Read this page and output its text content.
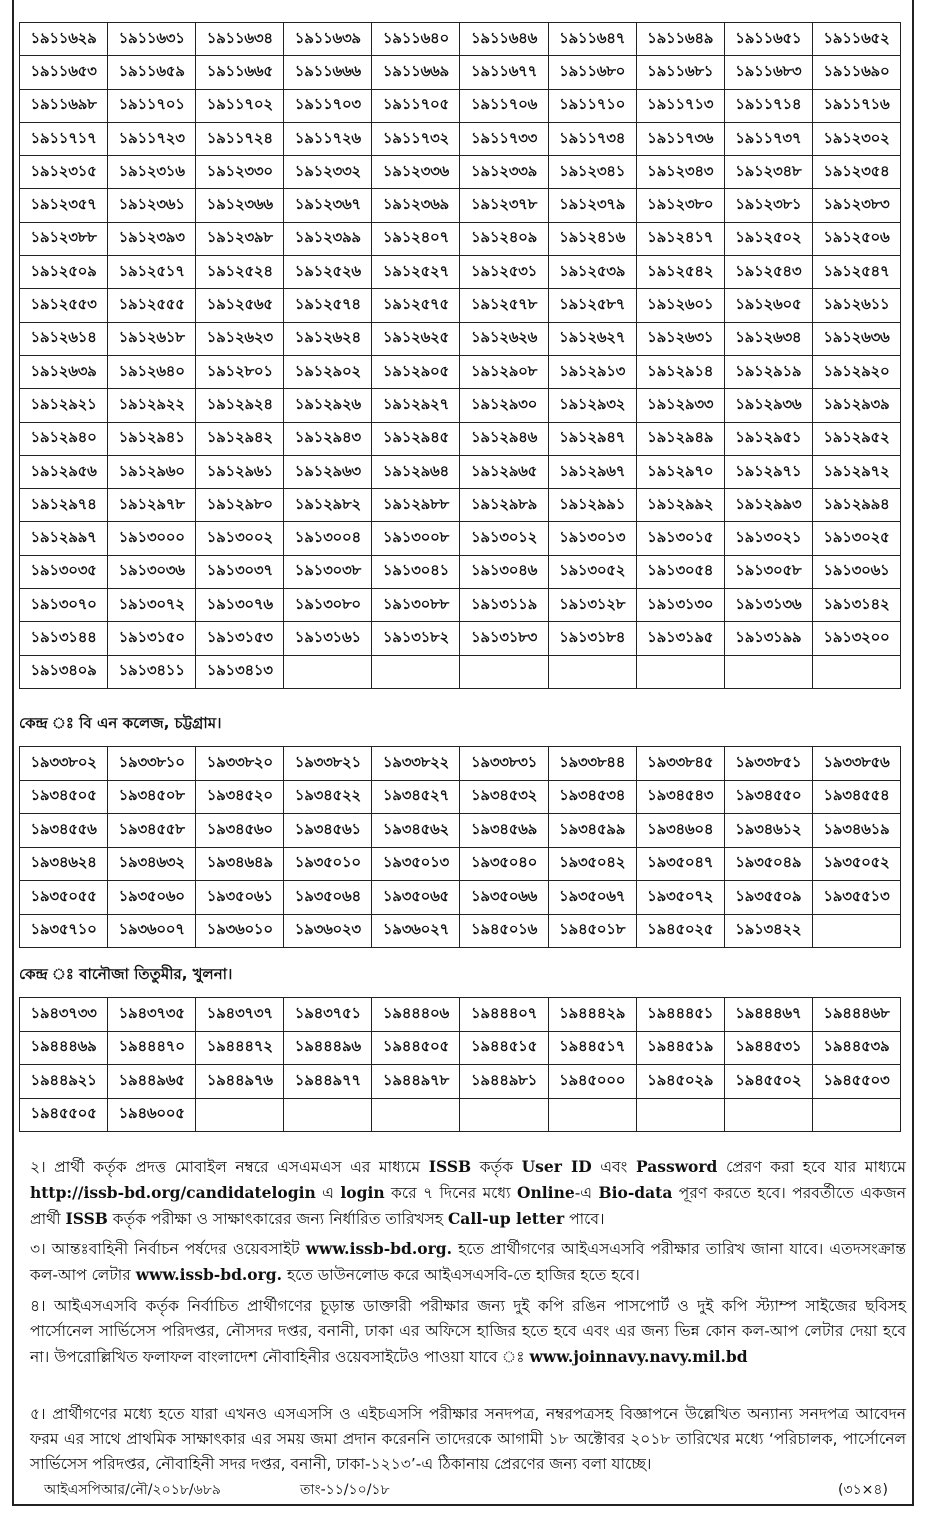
১৯১১৬২৯	১৯১১৬৩১	১৯১১৬৩৪	১৯১১৬৩৯	১৯১১৬৪০	১৯১১৬৪৬	১৯১১৬৪৭	১৯১১৬৪৯	১৯১১৬৫১	১৯১১৬৫২
১৯১১৬৫৩	১৯১১৬৫৯	১৯১১৬৬৫	১৯১১৬৬৬	১৯১১৬৬৯	১৯১১৬৭৭	১৯১১৬৮০	১৯১১৬৮১	১৯১১৬৮৩	১৯১১৬৯০
১৯১১৬৯৮	১৯১১৭০১	১৯১১৭০২	১৯১১৭০৩	১৯১১৭০৫	১৯১১৭০৬	১৯১১৭১০	১৯১১৭১৩	১৯১১৭১৪	১৯১১৭১৬
১৯১১৭১৭	১৯১১৭২৩	১৯১১৭২৪	১৯১১৭২৬	১৯১১৭৩২	১৯১১৭৩৩	১৯১১৭৩৪	১৯১১৭৩৬	১৯১১৭৩৭	১৯১২৩০২
১৯১২৩১৫	১৯১২৩১৬	১৯১২৩৩০	১৯১২৩৩২	১৯১২৩৩৬	১৯১২৩৩৯	১৯১২৩৪১	১৯১২৩৪৩	১৯১২৩৪৮	১৯১২৩৫৪
১৯১২৩৫৭	১৯১২৩৬১	১৯১২৩৬৬	১৯১২৩৬৭	১৯১২৩৬৯	১৯১২৩৭৮	১৯১২৩৭৯	১৯১২৩৮০	১৯১২৩৮১	১৯১২৩৮৩
১৯১২৩৮৮	১৯১২৩৯৩	১৯১২৩৯৮	১৯১২৩৯৯	১৯১২৪০৭	১৯১২৪০৯	১৯১২৪১৬	১৯১২৪১৭	১৯১২৫০২	১৯১২৫০৬
১৯১২৫০৯	১৯১২৫১৭	১৯১২৫২৪	১৯১২৫২৬	১৯১২৫২৭	১৯১২৫৩১	১৯১২৫৩৯	১৯১২৫৪২	১৯১২৫৪৩	১৯১২৫৪৭
১৯১২৫৫৩	১৯১২৫৫৫	১৯১২৫৬৫	১৯১২৫৭৪	১৯১২৫৭৫	১৯১২৫৭৮	১৯১২৫৮৭	১৯১২৬০১	১৯১২৬০৫	১৯১২৬১১
১৯১২৬১৪	১৯১২৬১৮	১৯১২৬২৩	১৯১২৬২৪	১৯১২৬২৫	১৯১২৬২৬	১৯১২৬২৭	১৯১২৬৩১	১৯১২৬৩৪	১৯১২৬৩৬
১৯১২৬৩৯	১৯১২৬৪০	১৯১২৮০১	১৯১২৯০২	১৯১২৯০৫	১৯১২৯০৮	১৯১২৯১৩	১৯১২৯১৪	১৯১২৯১৯	১৯১২৯২০
১৯১২৯২১	১৯১২৯২২	১৯১২৯২৪	১৯১২৯২৬	১৯১২৯২৭	১৯১২৯৩০	১৯১২৯৩২	১৯১২৯৩৩	১৯১২৯৩৬	১৯১২৯৩৯
১৯১২৯৪০	১৯১২৯৪১	১৯১২৯৪২	১৯১২৯৪৩	১৯১২৯৪৫	১৯১২৯৪৬	১৯১২৯৪৭	১৯১২৯৪৯	১৯১২৯৫১	১৯১২৯৫২
১৯১২৯৫৬	১৯১২৯৬০	১৯১২৯৬১	১৯১২৯৬৩	১৯১২৯৬৪	১৯১২৯৬৫	১৯১২৯৬৭	১৯১২৯৭০	১৯১২৯৭১	১৯১২৯৭২
১৯১২৯৭৪	১৯১২৯৭৮	১৯১২৯৮০	১৯১২৯৮২	১৯১২৯৮৮	১৯১২৯৮৯	১৯১২৯৯১	১৯১২৯৯২	১৯১২৯৯৩	১৯১২৯৯৪
১৯১২৯৯৭	১৯১৩০০০	১৯১৩০০২	১৯১৩০০৪	১৯১৩০০৮	১৯১৩০১২	১৯১৩০১৩	১৯১৩০১৫	১৯১৩০২১	১৯১৩০২৫
১৯১৩০৩৫	১৯১৩০৩৬	১৯১৩০৩৭	১৯১৩০৩৮	১৯১৩০৪১	১৯১৩০৪৬	১৯১৩০৫২	১৯১৩০৫৪	১৯১৩০৫৮	১৯১৩০৬১
১৯১৩০৭০	১৯১৩০৭২	১৯১৩০৭৬	১৯১৩০৮০	১৯১৩০৮৮	১৯১৩১১৯	১৯১৩১২৮	১৯১৩১৩০	১৯১৩১৩৬	১৯১৩১৪২
১৯১৩১৪৪	১৯১৩১৫০	১৯১৩১৫৩	১৯১৩১৬১	১৯১৩১৮২	১৯১৩১৮৩	১৯১৩১৮৪	১৯১৩১৯৫	১৯১৩১৯৯	১৯১৩২০০
১৯১৩৪০৯	১৯১৩৪১১	১৯১৩৪১৩							
কেন্দ্র ঃ বি এন কলেজ, চট্টগ্রাম।
১৯৩৩৮০২	১৯৩৩৮১০	১৯৩৩৮২০	১৯৩৩৮২১	১৯৩৩৮২২	১৯৩৩৮৩১	১৯৩৩৮৪৪	১৯৩৩৮৪৫	১৯৩৩৮৫১	১৯৩৩৮৫৬
১৯৩৪৫০৫	১৯৩৪৫০৮	১৯৩৪৫২০	১৯৩৪৫২২	১৯৩৪৫২৭	১৯৩৪৫৩২	১৯৩৪৫৩৪	১৯৩৪৫৪৩	১৯৩৪৫৫০	১৯৩৪৫৫৪
১৯৩৪৫৫৬	১৯৩৪৫৫৮	১৯৩৪৫৬০	১৯৩৪৫৬১	১৯৩৪৫৬২	১৯৩৪৫৬৯	১৯৩৪৫৯৯	১৯৩৪৬০৪	১৯৩৪৬১২	১৯৩৪৬১৯
১৯৩৪৬২৪	১৯৩৪৬৩২	১৯৩৪৬৪৯	১৯৩৫০১০	১৯৩৫০১৩	১৯৩৫০৪০	১৯৩৫০৪২	১৯৩৫০৪৭	১৯৩৫০৪৯	১৯৩৫০৫২
১৯৩৫০৫৫	১৯৩৫০৬০	১৯৩৫০৬১	১৯৩৫০৬৪	১৯৩৫০৬৫	১৯৩৫০৬৬	১৯৩৫০৬৭	১৯৩৫০৭২	১৯৩৫৫০৯	১৯৩৫৫১৩
১৯৩৫৭১০	১৯৩৬০০৭	১৯৩৬০১০	১৯৩৬০২৩	১৯৩৬০২৭	১৯৪৫০১৬	১৯৪৫০১৮	১৯৪৫০২৫	১৯১৩৪২২	
কেন্দ্র ঃ বানৌজা তিতুমীর, খুলনা।
১৯৪৩৭৩৩	১৯৪৩৭৩৫	১৯৪৩৭৩৭	১৯৪৩৭৫১	১৯৪৪৪০৬	১৯৪৪৪০৭	১৯৪৪৪২৯	১৯৪৪৪৫১	১৯৪৪৪৬৭	১৯৪৪৪৬৮
১৯৪৪৪৬৯	১৯৪৪৪৭০	১৯৪৪৪৭২	১৯৪৪৪৯৬	১৯৪৪৫০৫	১৯৪৪৫১৫	১৯৪৪৫১৭	১৯৪৪৫১৯	১৯৪৪৫৩১	১৯৪৪৫৩৯
১৯৪৪৯২১	১৯৪৪৯৬৫	১৯৪৪৯৭৬	১৯৪৪৯৭৭	১৯৪৪৯৭৮	১৯৪৪৯৮১	১৯৪৫০০০	১৯৪৫০২৯	১৯৪৫৫০২	১৯৪৫৫০৩
১৯৪৫৫০৫	১৯৪৬০০৫								
২। প্রার্থী কর্তৃক প্রদত্ত মোবাইল নম্বরে এসএমএস এর মাধ্যমে ISSB কর্তৃক User ID এবং Password প্রেরণ করা হবে যার মাধ্যমে http://issb-bd.org/candidatelogin এ login করে ৭ দিনের মধ্যে Online-এ Bio-data পূরণ করতে হবে। পরবর্তীতে একজন প্রার্থী ISSB কর্তৃক পরীক্ষা ও সাক্ষাৎকারের জন্য নির্ধারিত তারিখসহ Call-up letter পাবে।
৩। আন্তঃবাহিনী নির্বাচন পর্ষদের ওয়েবসাইট www.issb-bd.org. হতে প্রার্থীগণের আইএসএসবি পরীক্ষার তারিখ জানা যাবে। এতদসংক্রান্ত কল-আপ লেটার www.issb-bd.org. হতে ডাউনলোড করে আইএসএসবি-তে হাজির হতে হবে।
৪। আইএসএসবি কর্তৃক নির্বাচিত প্রার্থীগণের চূড়ান্ত ডাক্তারী পরীক্ষার জন্য দুই কপি রঙিন পাসপোর্ট ও দুই কপি স্ট্যাম্প সাইজের ছবিসহ পার্সোনেল সার্ভিসেস পরিদপ্তর, নৌসদর দপ্তর, বনানী, ঢাকা এর অফিসে হাজির হতে হবে এবং এর জন্য ভিন্ন কোন কল-আপ লেটার দেয়া হবে না। উপরোল্লিখিত ফলাফল বাংলাদেশ নৌবাহিনীর ওয়েবসাইটেও পাওয়া যাবে ঃ www.joinnavy.navy.mil.bd
৫। প্রার্থীগণের মধ্যে হতে যারা এখনও এসএসসি ও এইচএসসি পরীক্ষার সনদপত্র, নম্বরপত্রসহ বিজ্ঞাপনে উল্লেখিত অন্যান্য সনদপত্র আবেদন ফরম এর সাথে প্রাথমিক সাক্ষাৎকার এর সময় জমা প্রদান করেননি তাদেরকে আগামী ১৮ অক্টোবর ২০১৮ তারিখের মধ্যে ‘পরিচালক, পার্সোনেল সার্ভিসেস পরিদপ্তর, নৌবাহিনী সদর দপ্তর, বনানী, ঢাকা-১২১৩’-এ ঠিকানায় প্রেরণের জন্য বলা যাচ্ছে।
আইএসপিআর/নৌ/২০১৮/৬৮৯	তাং-১১/১০/১৮	(৩১×৪)
